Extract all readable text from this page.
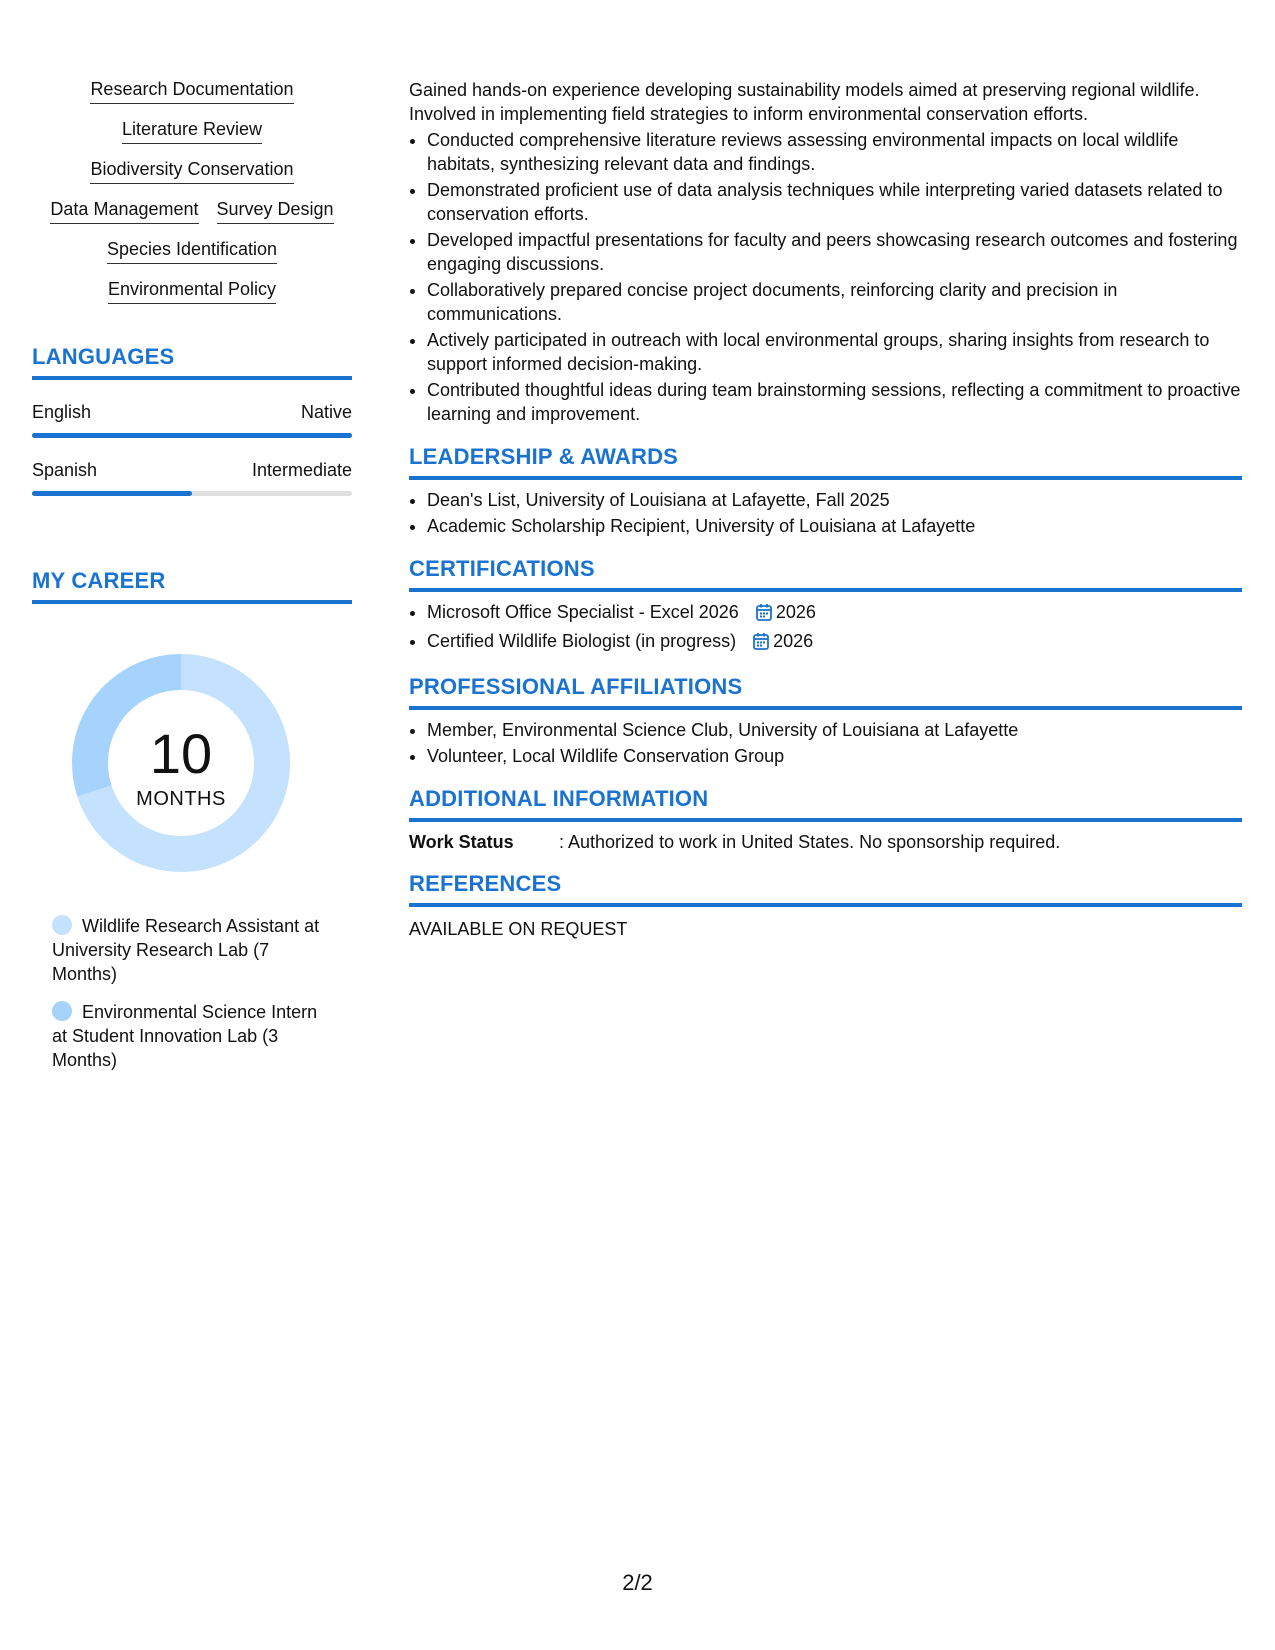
Research Documentation
Literature Review
Biodiversity Conservation
Data Management Survey Design
Species Identification
Environmental Policy
LANGUAGES
English	Native
Spanish	Intermediate
MY CAREER
10
MONTHS
Wildlife Research Assistant at University Research Lab (7 Months)
Environmental Science Intern at Student Innovation Lab (3 Months)
Gained hands-on experience developing sustainability models aimed at preserving regional wildlife. Involved in implementing field strategies to inform environmental conservation efforts.
• Conducted comprehensive literature reviews assessing environmental impacts on local wildlife habitats, synthesizing relevant data and findings.
• Demonstrated proficient use of data analysis techniques while interpreting varied datasets related to conservation efforts.
• Developed impactful presentations for faculty and peers showcasing research outcomes and fostering engaging discussions.
• Collaboratively prepared concise project documents, reinforcing clarity and precision in communications.
• Actively participated in outreach with local environmental groups, sharing insights from research to support informed decision-making.
• Contributed thoughtful ideas during team brainstorming sessions, reflecting a commitment to proactive learning and improvement.
LEADERSHIP & AWARDS
• Dean's List, University of Louisiana at Lafayette, Fall 2025
• Academic Scholarship Recipient, University of Louisiana at Lafayette
CERTIFICATIONS
• Microsoft Office Specialist - Excel 2026 2026
• Certified Wildlife Biologist (in progress) 2026
PROFESSIONAL AFFILIATIONS
• Member, Environmental Science Club, University of Louisiana at Lafayette
• Volunteer, Local Wildlife Conservation Group
ADDITIONAL INFORMATION
Work Status	: Authorized to work in United States. No sponsorship required.
REFERENCES
AVAILABLE ON REQUEST
2/2
